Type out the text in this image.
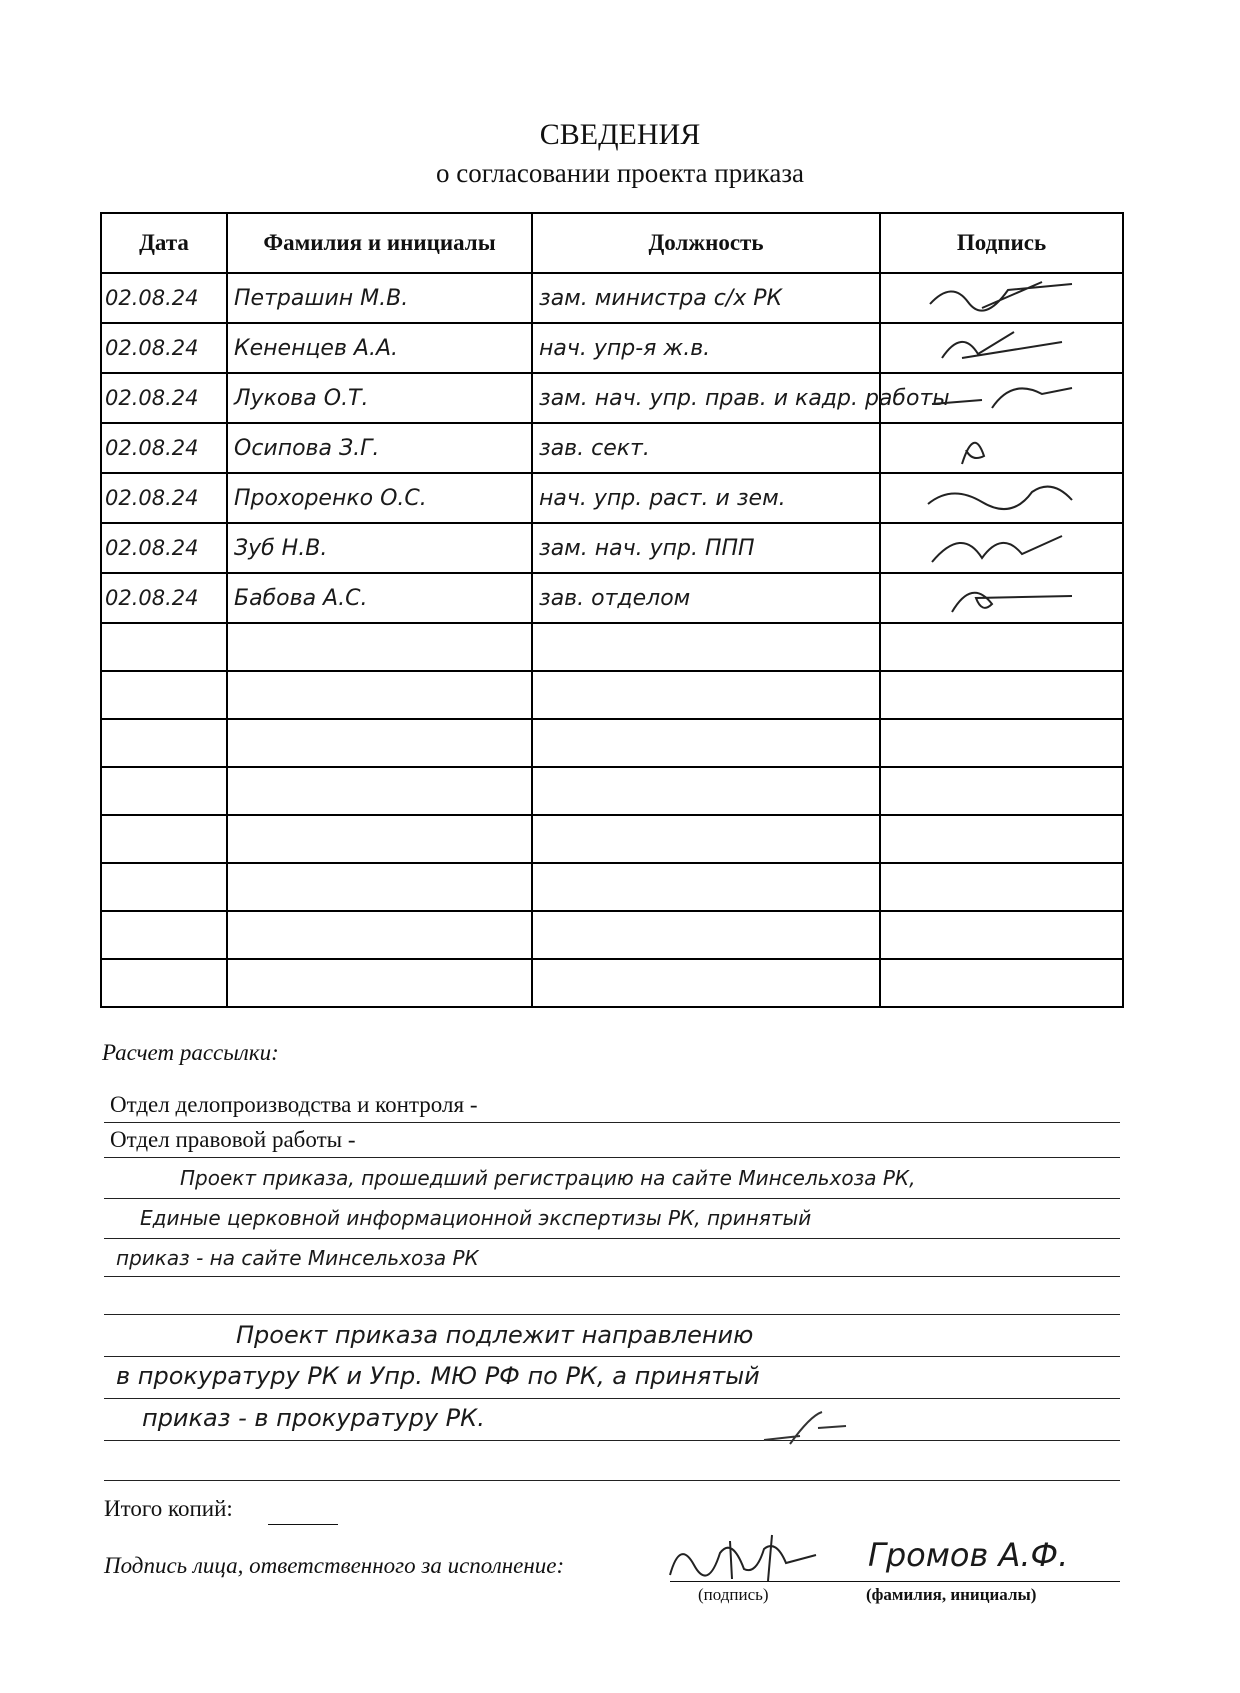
СВЕДЕНИЯ
о согласовании проекта приказа
Дата	Фамилия и инициалы	Должность	Подпись
02.08.24	Петрашин М.В.	зам. министра с/х РК	
02.08.24	Кененцев А.А.	нач. упр-я ж.в.	
02.08.24	Лукова О.Т.	зам. нач. упр. прав. и кадр. работы	
02.08.24	Осипова З.Г.	зав. сект.	
02.08.24	Прохоренко О.С.	нач. упр. раст. и зем.	
02.08.24	Зуб Н.В.	зам. нач. упр. ППП	
02.08.24	Бабова А.С.	зав. отделом	

Расчет рассылки:
Отдел делопроизводства и контроля -
Отдел правовой работы -
Проект приказа, прошедший регистрацию на сайте Минсельхоза РК,
Единые церковной информационной экспертизы РК, принятый
приказ - на сайте Минсельхоза РК
Проект приказа подлежит направлению
в прокуратуру РК и Упр. МЮ РФ по РК, а принятый
приказ - в прокуратуру РК.
Итого копий:
Подпись лица, ответственного за исполнение:	Громов А.Ф.
(подпись)	(фамилия, инициалы)
